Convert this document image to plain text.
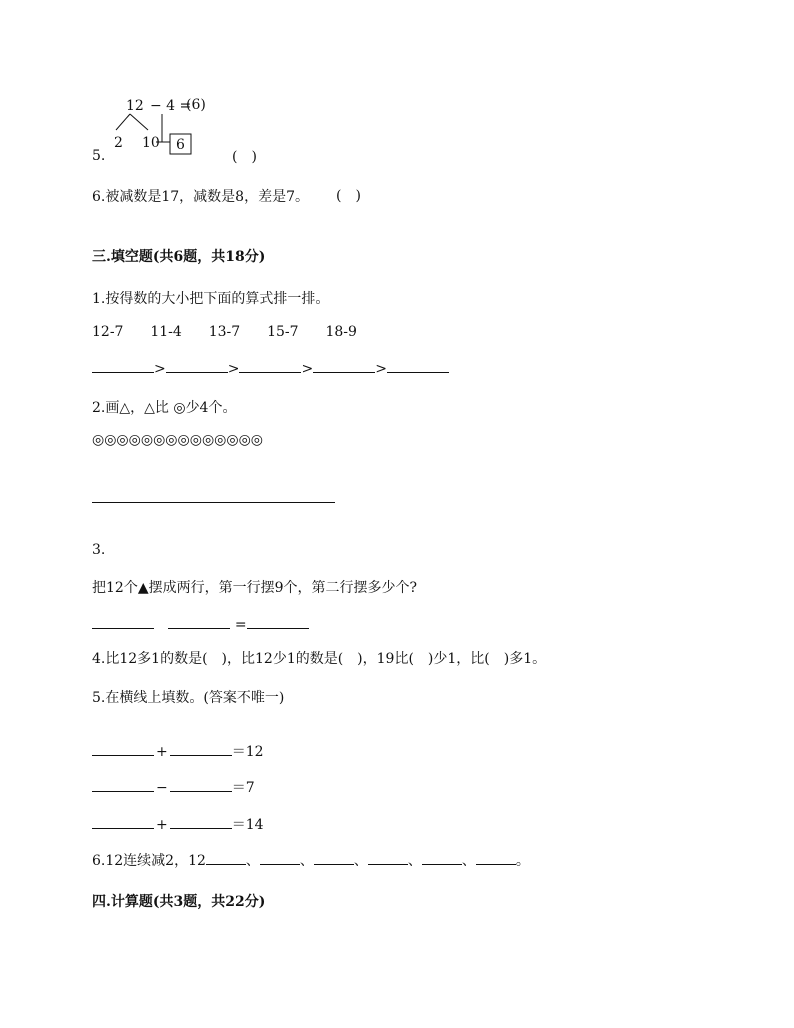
12 − 4 =
(6)
2 10 6
5.	(　)
6.被减数是17，减数是8，差是7。 (　)
三.填空题(共6题，共18分)
1.按得数的大小把下面的算式排一排。
12-7 11-4 13-7 15-7 18-9
>	>	>	>
2.画△，△比 ◎少4个。
◎◎◎◎◎◎◎◎◎◎◎◎◎◎
3.
把12个▲摆成两行，第一行摆9个，第二行摆多少个?
=
4.比12多1的数是(　)，比12少1的数是(　)，19比(　)少1，比(　)多1。
5.在横线上填数。(答案不唯一)
+	＝12
−	＝7
+	＝14
6.12连续减2，12	、	、	、	、	、	。
四.计算题(共3题，共22分)
